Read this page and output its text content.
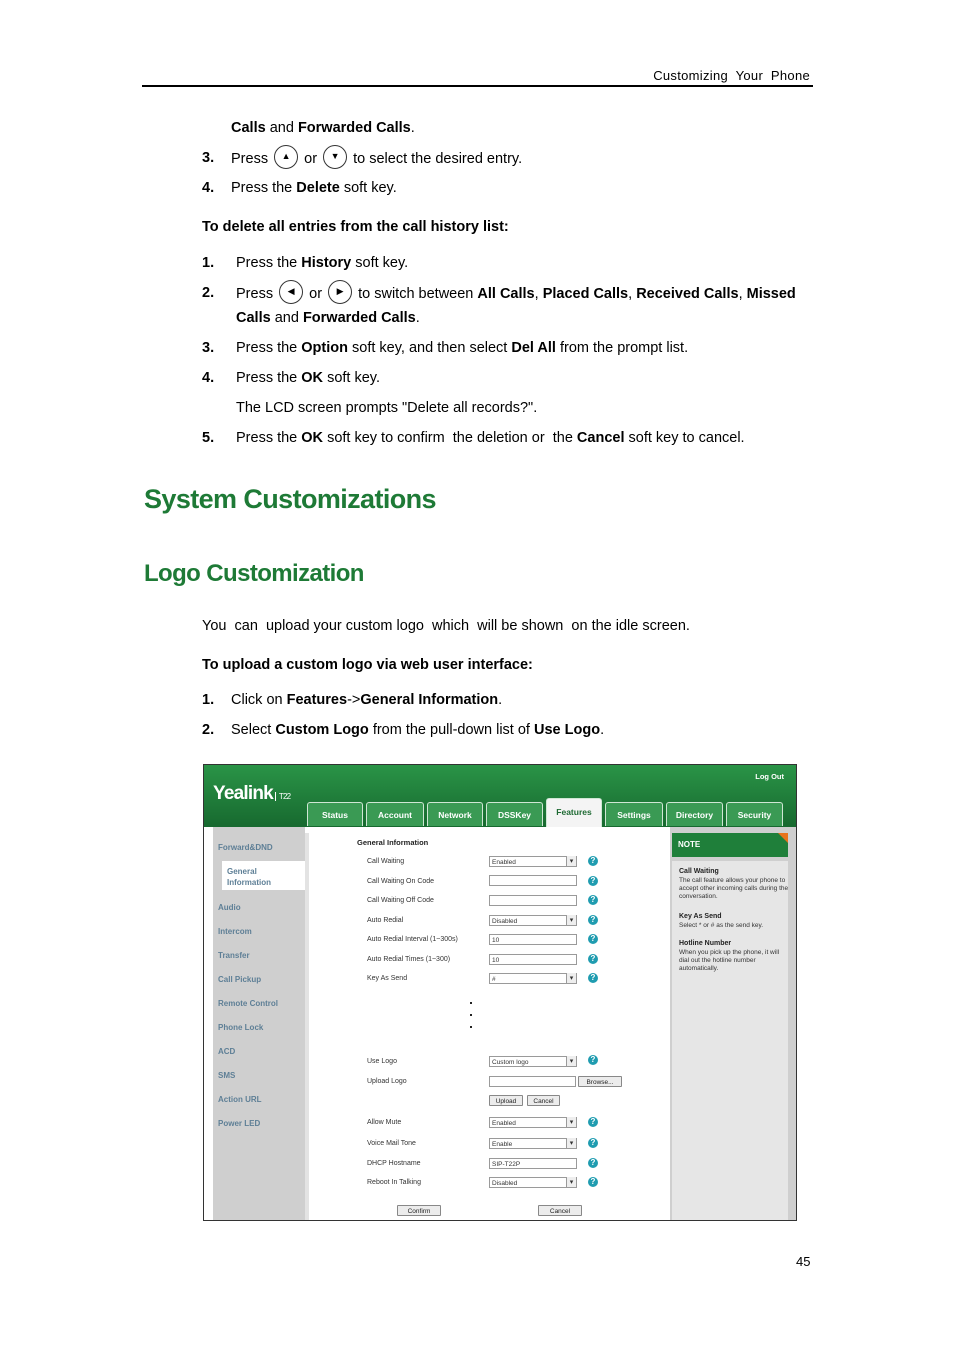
Customizing  Your  Phone
Calls and Forwarded Calls.
3. Press	▲ or	▼ to select the desired entry.
4. Press the Delete soft key.
To delete all entries from the call history list:
1. Press the History soft key.
2. Press	◀	or	▶	to switch between All Calls, Placed Calls, Received Calls, Missed
Calls and Forwarded Calls.
3. Press the Option soft key, and then select Del All from the prompt list.
4. Press the OK soft key.
The LCD screen prompts "Delete all records?".
5. Press the OK soft key to confirm  the deletion or  the Cancel soft key to cancel.
System Customizations
Logo Customization
You  can  upload your custom logo  which  will be shown  on the idle screen.
To upload a custom logo via web user interface:
1. Click on Features->General Information.
2. Select Custom Logo from the pull-down list of Use Logo.
Yealink T22
Log Out
Status	Account	Network	DSSKey	Features	Settings	Directory	Security
Forward&DND
General
Information
Audio
Intercom
Transfer
Call Pickup
Remote Control
Phone Lock
ACD
SMS
Action URL
Power LED
General Information
Call Waiting	Enabled ▾	?
Call Waiting On Code	?
Call Waiting Off Code	?
Auto Redial	Disabled ▾	?
Auto Redial Interval (1~300s)	10	?
Auto Redial Times (1~300)	10	?
Key As Send	# ▾	?
Use Logo	Custom logo ▾	?
Upload Logo	Browse...
Upload	Cancel
Allow Mute	Enabled ▾	?
Voice Mail Tone	Enable ▾	?
DHCP Hostname	SIP-T22P	?
Reboot In Talking	Disabled ▾	?
Confirm	Cancel
NOTE
Call Waiting
The call feature allows your phone to accept other incoming calls during the conversation.
Key As Send
Select * or # as the send key.
Hotline Number
When you pick up the phone, it will dial out the hotline number automatically.
45
